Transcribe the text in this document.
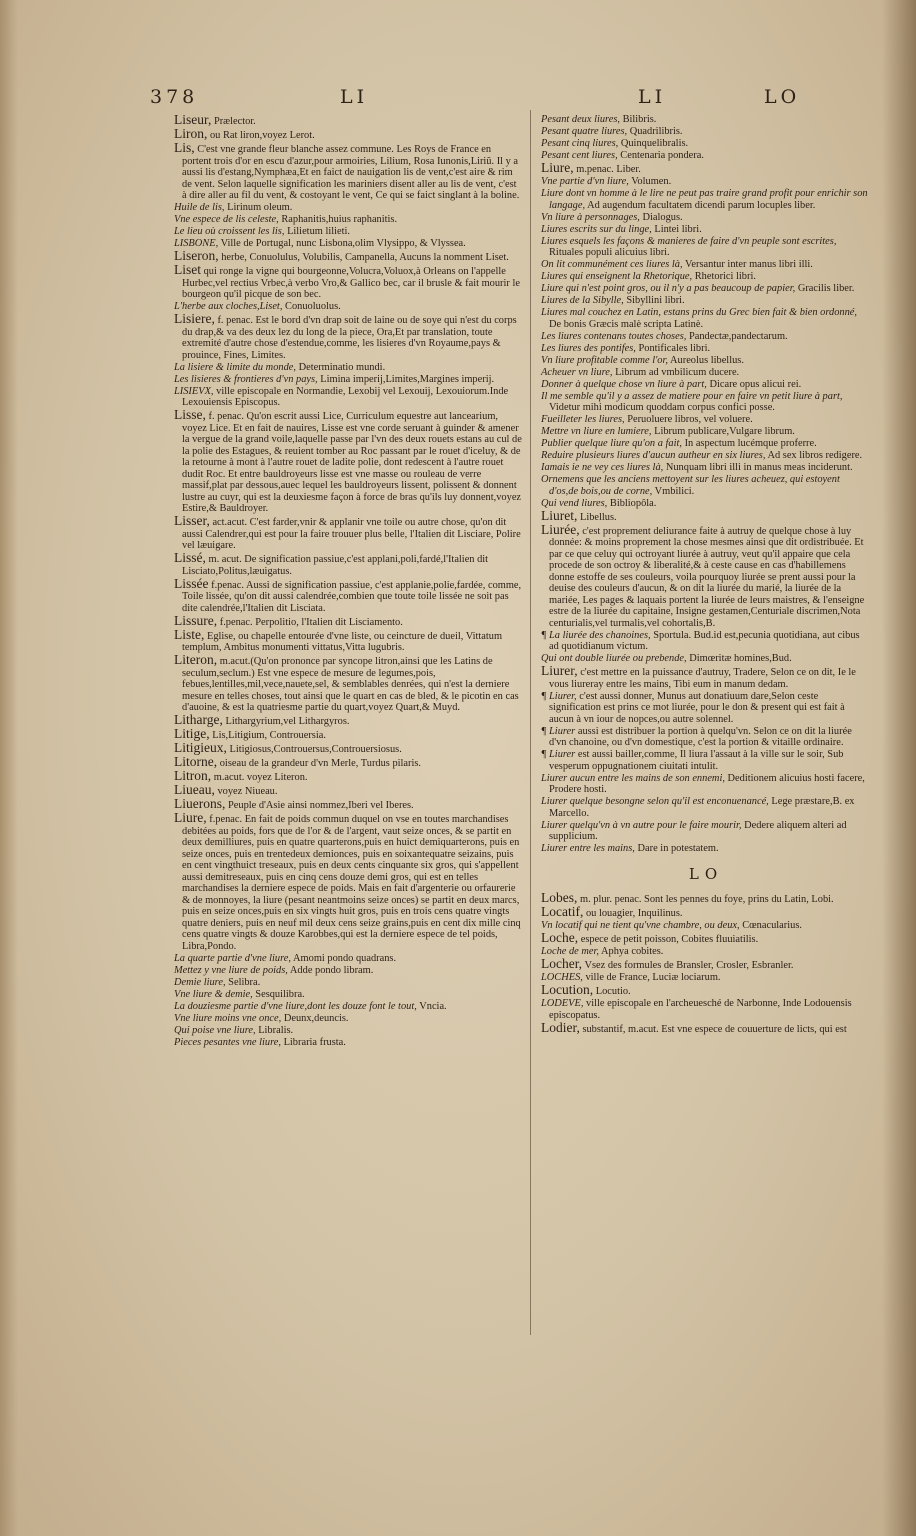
378	LI	LI	LO

Liseur, Prælector.

Liron, ou Rat liron,voyez Lerot.

Lis, C'est vne grande fleur blanche assez commune. Les Roys de France en portent trois d'or en escu d'azur,pour armoiries, Lilium, Rosa Iunonis,Liriũ. Il y a aussi lis d'estang,Nymphæa,Et en faict de nauigation lis de vent,c'est aire & rim de vent. Selon laquelle signification les mariniers disent aller au lis de vent, c'est à dire aller au fil du vent, & costoyant le vent, Ce qui se faict singlant à la boline.

Huile de lis, Lirinum oleum.

Vne espece de lis celeste, Raphanitis,huius raphanitis.

Le lieu où croissent les lis, Lilietum lilieti.

LISBONE, Ville de Portugal, nunc Lisbona,olim Vlysippo, & Vlyssea.

Liseron, herbe, Conuolulus, Volubilis, Campanella, Aucuns la nomment Liset.

Liset qui ronge la vigne qui bourgeonne,Volucra,Voluox,à Orleans on l'appelle Hurbec,vel rectius Vrbec,à verbo Vro,& Gallico bec, car il brusle & fait mourir le bourgeon qu'il picque de son bec.

L'herbe aux cloches,Liset, Conuoluolus.

Lisiere, f. penac. Est le bord d'vn drap soit de laine ou de soye qui n'est du corps du drap,& va des deux lez du long de la piece, Ora,Et par translation, toute extremité d'autre chose d'estendue,comme, les lisieres d'vn Royaume,pays & prouince, Fines, Limites.

La lisiere & limite du monde, Determinatio mundi.

Les lisieres & frontieres d'vn pays, Limina imperij,Limites,Margines imperij.

LISIEVX, ville episcopale en Normandie, Lexobij vel Lexouij, Lexouiorum.Inde Lexouiensis Episcopus.

Lisse, f. penac. Qu'on escrit aussi Lice, Curriculum equestre aut lancearium, voyez Lice. Et en fait de nauires, Lisse est vne corde seruant à guinder & amener la vergue de la grand voile,laquelle passe par l'vn des deux rouets estans au cul de la polie des Estagues, & reuient tomber au Roc passant par le rouet d'iceluy, & de la retourne à mont à l'autre rouet de ladite polie, dont redescent à l'autre rouet dudit Roc. Et entre bauldroyeurs lisse est vne masse ou rouleau de verre massif,plat par dessous,auec lequel les bauldroyeurs lissent, polissent & donnent lustre au cuyr, qui est la deuxiesme façon à force de bras qu'ils luy donnent,voyez Estire,& Bauldroyer.

Lisser, act.acut. C'est farder,vnir & applanir vne toile ou autre chose, qu'on dit aussi Calendrer,qui est pour la faire trouuer plus belle, l'Italien dit Lisciare, Polire vel læuigare.

Lissé, m. acut. De signification passiue,c'est applani,poli,fardé,l'Italien dit Lisciato,Politus,læuigatus.

Lissée f.penac. Aussi de signification passiue, c'est applanie,polie,fardée, comme, Toile lissée, qu'on dit aussi calendrée,combien que toute toile lissée ne soit pas dite calendrée,l'Italien dit Lisciata.

Lissure, f.penac. Perpolitio, l'Italien dit Lisciamento.

Liste, Eglise, ou chapelle entourée d'vne liste, ou ceincture de dueil, Vittatum templum, Ambitus monumenti vittatus,Vitta lugubris.

Literon, m.acut.(Qu'on prononce par syncope litron,ainsi que les Latins de seculum,seclum.) Est vne espece de mesure de legumes,pois, febues,lentilles,mil,vece,nauete,sel, & semblables denrées, qui n'est la derniere mesure en telles choses, tout ainsi que le quart en cas de bled, & le picotin en cas d'auoine, & est la quatriesme partie du quart,voyez Quart,& Muyd.

Litharge, Lithargyrium,vel Lithargyros.

Litige, Lis,Litigium, Controuersia.

Litigieux, Litigiosus,Controuersus,Controuersiosus.

Litorne, oiseau de la grandeur d'vn Merle, Turdus pilaris.

Litron, m.acut. voyez Literon.

Liueau, voyez Niueau.

Liuerons, Peuple d'Asie ainsi nommez,Iberi vel Iberes.

Liure, f.penac. En fait de poids commun duquel on vse en toutes marchandises debitées au poids, fors que de l'or & de l'argent, vaut seize onces, & se partit en deux demilliures, puis en quatre quarterons,puis en huict demiquarterons, puis en seize onces, puis en trentedeux demionces, puis en soixantequatre seizains, puis en cent vingthuict treseaux, puis en deux cents cinquante six gros, qui s'appellent aussi demitreseaux, puis en cinq cens douze demi gros, qui est en telles marchandises la derniere espece de poids. Mais en fait d'argenterie ou orfaurerie & de monnoyes, la liure (pesant neantmoins seize onces) se partit en deux marcs, puis en seize onces,puis en six vingts huit gros, puis en trois cens quatre vingts quatre deniers, puis en neuf mil deux cens seize grains,puis en cent dix mille cinq cens quatre vingts & douze Karobbes,qui est la derniere espece de tel poids, Libra,Pondo.

La quarte partie d'vne liure, Amomi pondo quadrans.

Mettez y vne liure de poids, Adde pondo libram.

Demie liure, Selibra.

Vne liure & demie, Sesquilibra.

La douziesme partie d'vne liure,dont les douze font le tout, Vncia.

Vne liure moins vne once, Deunx,deuncis.

Qui poise vne liure, Libralis.

Pieces pesantes vne liure, Libraria frusta.

Pesant deux liures, Bilibris.

Pesant quatre liures, Quadrilibris.

Pesant cinq liures, Quinquelibralis.

Pesant cent liures, Centenaria pondera.

Liure, m.penac. Liber.

Vne partie d'vn liure, Volumen.

Liure dont vn homme à le lire ne peut pas traire grand profit pour enrichir son langage, Ad augendum facultatem dicendi parum locuples liber.

Vn liure à personnages, Dialogus.

Liures escrits sur du linge, Lintei libri.

Liures esquels les façons & manieres de faire d'vn peuple sont escrites, Rituales populi alicuius libri.

On lit communément ces liures là, Versantur inter manus libri illi.

Liures qui enseignent la Rhetorique, Rhetorici libri.

Liure qui n'est point gros, ou il n'y a pas beaucoup de papier, Gracilis liber.

Liures de la Sibylle, Sibyllini libri.

Liures mal couchez en Latin, estans prins du Grec bien fait & bien ordonné, De bonis Græcis malè scripta Latinè.

Les liures contenans toutes choses, Pandectæ,pandectarum.

Les liures des pontifes, Pontificales libri.

Vn liure profitable comme l'or, Aureolus libellus.

Acheuer vn liure, Librum ad vmbilicum ducere.

Donner à quelque chose vn liure à part, Dicare opus alicui rei.

Il me semble qu'il y a assez de matiere pour en faire vn petit liure à part, Videtur mihi modicum quoddam corpus confici posse.

Fueilleter les liures, Peruoluere libros, vel voluere.

Mettre vn liure en lumiere, Librum publicare,Vulgare librum.

Publier quelque liure qu'on a fait, In aspectum lucémque proferre.

Reduire plusieurs liures d'aucun autheur en six liures, Ad sex libros redigere.

Iamais ie ne vey ces liures là, Nunquam libri illi in manus meas inciderunt.

Ornemens que les anciens mettoyent sur les liures acheuez, qui estoyent d'os,de bois,ou de corne, Vmbilici.

Qui vend liures, Bibliopôla.

Liuret, Libellus.

Liurée, c'est proprement deliurance faite à autruy de quelque chose à luy donnée: & moins proprement la chose mesmes ainsi que dit ordistribuée. Et par ce que celuy qui octroyant liurée à autruy, veut qu'il appaire que cela procede de son octroy & liberalité,& à ceste cause en cas d'habillemens donne estoffe de ses couleurs, voila pourquoy liurée se prent aussi pour la deuise des couleurs d'aucun, & on dit la liurée du marié, la liurée de la mariée, Les pages & laquais portent la liurée de leurs maistres, & l'enseigne estre de la liurée du capitaine, Insigne gestamen,Centuriale discrimen,Nota centurialis,vel turmalis,vel cohortalis,B.

¶ La liurée des chanoines, Sportula. Bud.id est,pecunia quotidiana, aut cibus ad quotidianum victum.

Qui ont double liurée ou prebende, Dimœritæ homines,Bud.

Liurer, c'est mettre en la puissance d'autruy, Tradere, Selon ce on dit, Ie le vous liureray entre les mains, Tibi eum in manum dedam.

¶ Liurer, c'est aussi donner, Munus aut donatiuum dare,Selon ceste signification est prins ce mot liurée, pour le don & present qui est fait à aucun à vn iour de nopces,ou autre solennel.

¶ Liurer aussi est distribuer la portion à quelqu'vn. Selon ce on dit la liurée d'vn chanoine, ou d'vn domestique, c'est la portion & vitaille ordinaire.

¶ Liurer est aussi bailler,comme, Il liura l'assaut à la ville sur le soir, Sub vesperum oppugnationem ciuitati intulit.

Liurer aucun entre les mains de son ennemi, Deditionem alicuius hosti facere, Prodere hosti.

Liurer quelque besongne selon qu'il est enconuenancé, Lege præstare,B. ex Marcello.

Liurer quelqu'vn à vn autre pour le faire mourir, Dedere aliquem alteri ad supplicium.

Liurer entre les mains, Dare in potestatem.

LO

Lobes, m. plur. penac. Sont les pennes du foye, prins du Latin, Lobi.

Locatif, ou louagier, Inquilinus.

Vn locatif qui ne tient qu'vne chambre, ou deux, Cœnacularius.

Loche, espece de petit poisson, Cobites fluuiatilis.

Loche de mer, Aphya cobites.

Locher, Vsez des formules de Bransler, Crosler, Esbranler.

LOCHES, ville de France, Luciæ lociarum.

Locution, Locutio.

LODEVE, ville episcopale en l'archeuesché de Narbonne, Inde Lodouensis episcopatus.

Lodier, substantif, m.acut. Est vne espece de couuerture de licts, qui est
